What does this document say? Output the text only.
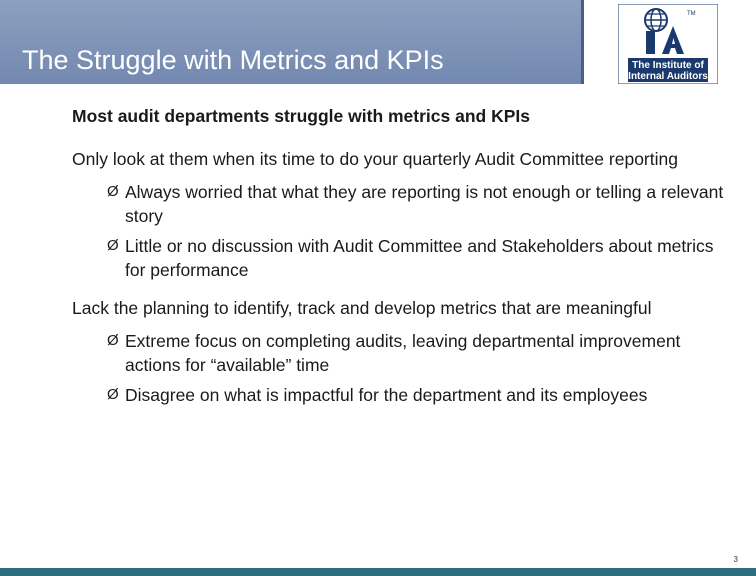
The Struggle with Metrics and KPIs	The Institute of
Internal Auditors
TM

Most audit departments struggle with metrics and KPIs

Only look at them when its time to do your quarterly Audit Committee reporting

Ø Always worried that what they are reporting is not enough or telling a relevant story
Ø Little or no discussion with Audit Committee and Stakeholders about metrics for performance

Lack the planning to identify, track and develop metrics that are meaningful

Ø Extreme focus on completing audits, leaving departmental improvement actions for “available” time
Ø Disagree on what is impactful for the department and its employees
3
